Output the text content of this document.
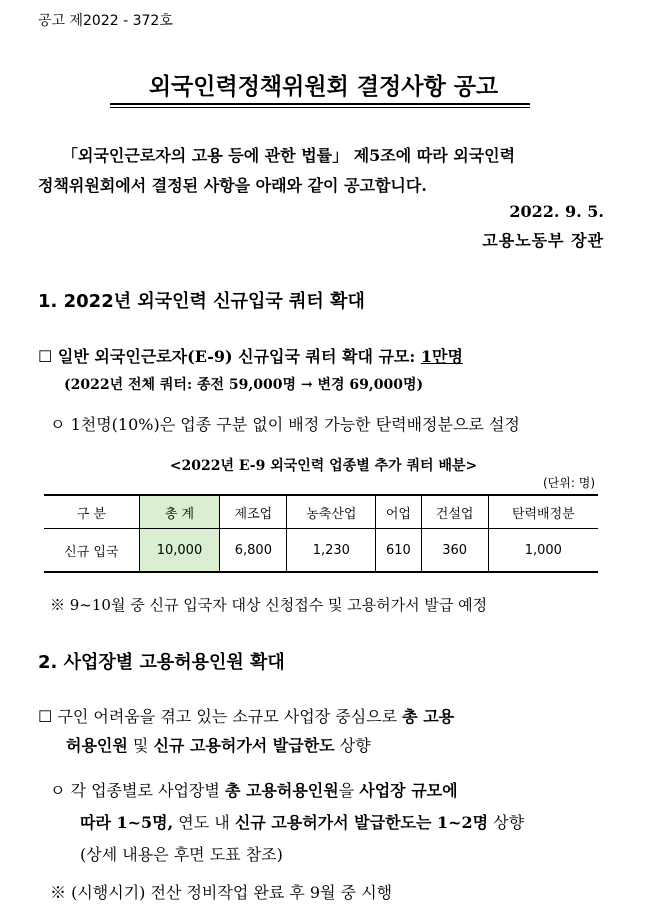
공고 제2022 - 372호
외국인력정책위원회 결정사항 공고
「외국인근로자의 고용 등에 관한 법률」 제5조에 따라 외국인력
정책위원회에서 결정된 사항을 아래와 같이 공고합니다.
2022. 9. 5.
고용노동부 장관
1. 2022년 외국인력 신규입국 쿼터 확대
☐ 일반 외국인근로자(E-9) 신규입국 쿼터 확대 규모: 1만명
(2022년 전체 쿼터: 종전 59,000명 → 변경 69,000명)
ㅇ 1천명(10%)은 업종 구분 없이 배정 가능한 탄력배정분으로 설정
<2022년 E-9 외국인력 업종별 추가 쿼터 배분>
(단위: 명)
구 분	총 계	제조업	농축산업	어업	건설업	탄력배정분
신규 입국	10,000	6,800	1,230	610	360	1,000
※ 9~10월 중 신규 입국자 대상 신청접수 및 고용허가서 발급 예정
2. 사업장별 고용허용인원 확대
☐ 구인 어려움을 겪고 있는 소규모 사업장 중심으로 총 고용
허용인원 및 신규 고용허가서 발급한도 상향
ㅇ 각 업종별로 사업장별 총 고용허용인원을 사업장 규모에
따라 1~5명, 연도 내 신규 고용허가서 발급한도는 1~2명 상향
(상세 내용은 후면 도표 참조)
※ (시행시기) 전산 정비작업 완료 후 9월 중 시행
